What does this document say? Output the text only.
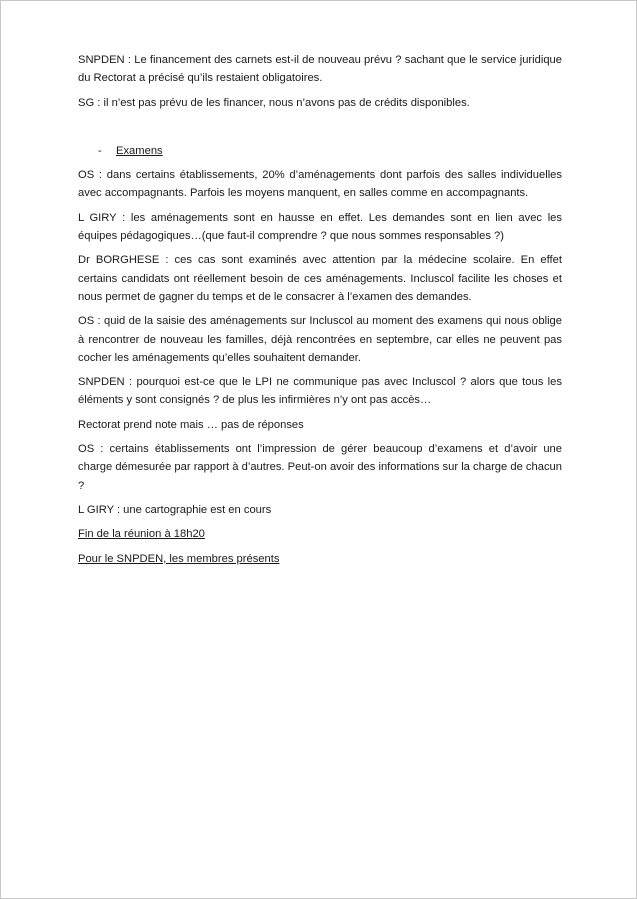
SNPDEN : Le financement des carnets est-il de nouveau prévu ? sachant que le service juridique du Rectorat a précisé qu’ils restaient obligatoires.

SG : il n’est pas prévu de les financer, nous n’avons pas de crédits disponibles.

- Examens

OS : dans certains établissements, 20% d’aménagements dont parfois des salles individuelles avec accompagnants. Parfois les moyens manquent, en salles comme en accompagnants.

L GIRY : les aménagements sont en hausse en effet. Les demandes sont en lien avec les équipes pédagogiques…(que faut-il comprendre ? que nous sommes responsables ?)

Dr BORGHESE : ces cas sont examinés avec attention par la médecine scolaire. En effet certains candidats ont réellement besoin de ces aménagements. Incluscol facilite les choses et nous permet de gagner du temps et de le consacrer à l’examen des demandes.

OS : quid de la saisie des aménagements sur Incluscol au moment des examens qui nous oblige à rencontrer de nouveau les familles, déjà rencontrées en septembre, car elles ne peuvent pas cocher les aménagements qu’elles souhaitent demander.

SNPDEN : pourquoi est-ce que le LPI ne communique pas avec Incluscol ? alors que tous les éléments y sont consignés ? de plus les infirmières n’y ont pas accès…

Rectorat prend note mais … pas de réponses

OS : certains établissements ont l’impression de gérer beaucoup d’examens et d’avoir une charge démesurée par rapport à d’autres. Peut-on avoir des informations sur la charge de chacun ?

L GIRY : une cartographie est en cours

Fin de la réunion à 18h20

Pour le SNPDEN, les membres présents
